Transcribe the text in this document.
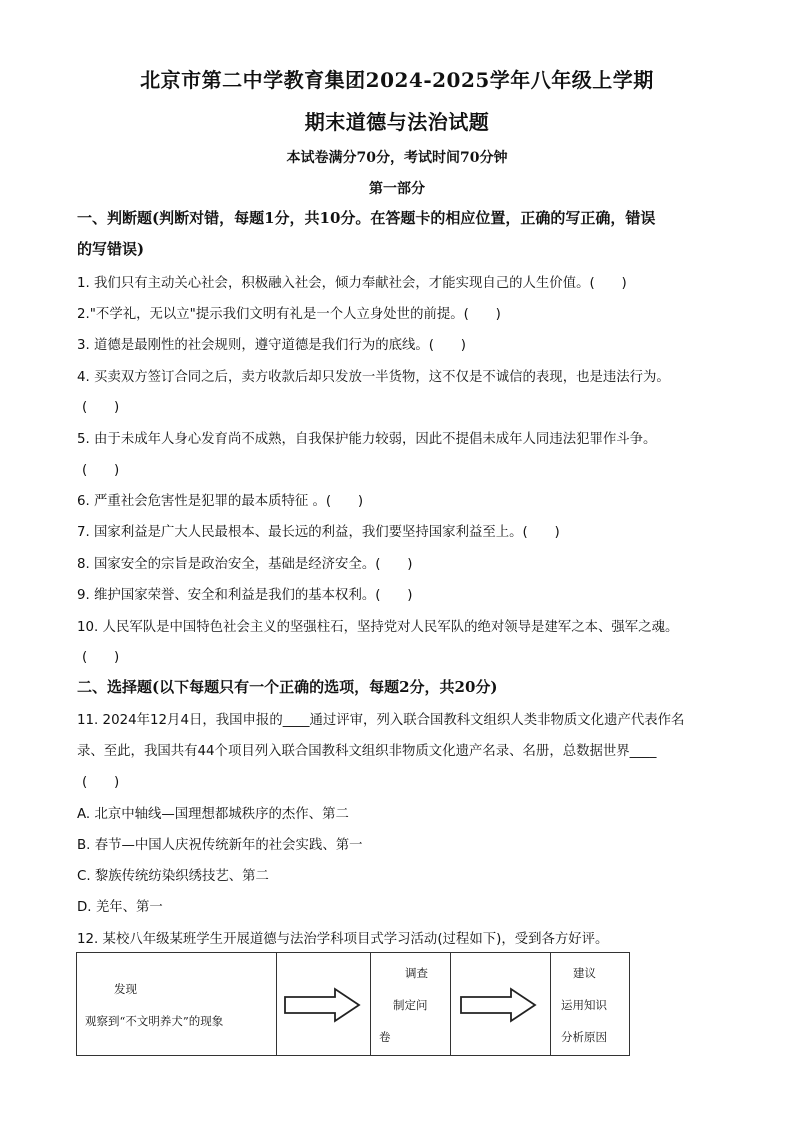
北京市第二中学教育集团2024-2025学年八年级上学期
期末道德与法治试题
本试卷满分70分，考试时间70分钟
第一部分
一、判断题(判断对错，每题1分，共10分。在答题卡的相应位置，正确的写正确，错误
的写错误)
1. 我们只有主动关心社会，积极融入社会，倾力奉献社会，才能实现自己的人生价值。(　　)
2."不学礼，无以立"提示我们文明有礼是一个人立身处世的前提。(　　)
3. 道德是最刚性的社会规则，遵守道德是我们行为的底线。(　　)
4. 买卖双方签订合同之后，卖方收款后却只发放一半货物，这不仅是不诚信的表现，也是违法行为。
(　　)
5. 由于未成年人身心发育尚不成熟，自我保护能力较弱，因此不提倡未成年人同违法犯罪作斗争。
(　　)
6. 严重社会危害性是犯罪的最本质特征 。(　　)
7. 国家利益是广大人民最根本、最长远的利益，我们要坚持国家利益至上。(　　)
8. 国家安全的宗旨是政治安全，基础是经济安全。(　　)
9. 维护国家荣誉、安全和利益是我们的基本权利。(　　)
10. 人民军队是中国特色社会主义的坚强柱石，坚持党对人民军队的绝对领导是建军之本、强军之魂。
(　　)
二、选择题(以下每题只有一个正确的选项，每题2分，共20分)
11. 2024年12月4日，我国申报的____通过评审，列入联合国教科文组织人类非物质文化遗产代表作名
录、至此，我国共有44个项目列入联合国教科文组织非物质文化遗产名录、名册，总数据世界____
(　　)
A. 北京中轴线—国理想都城秩序的杰作、第二
B. 春节—中国人庆祝传统新年的社会实践、第一
C. 黎族传统纺染织绣技艺、第二
D. 羌年、第一
12. 某校八年级某班学生开展道德与法治学科项目式学习活动(过程如下)，受到各方好评。
发现
观察到“不文明养犬”的现象
调查
制定问
卷
建议
运用知识
分析原因
